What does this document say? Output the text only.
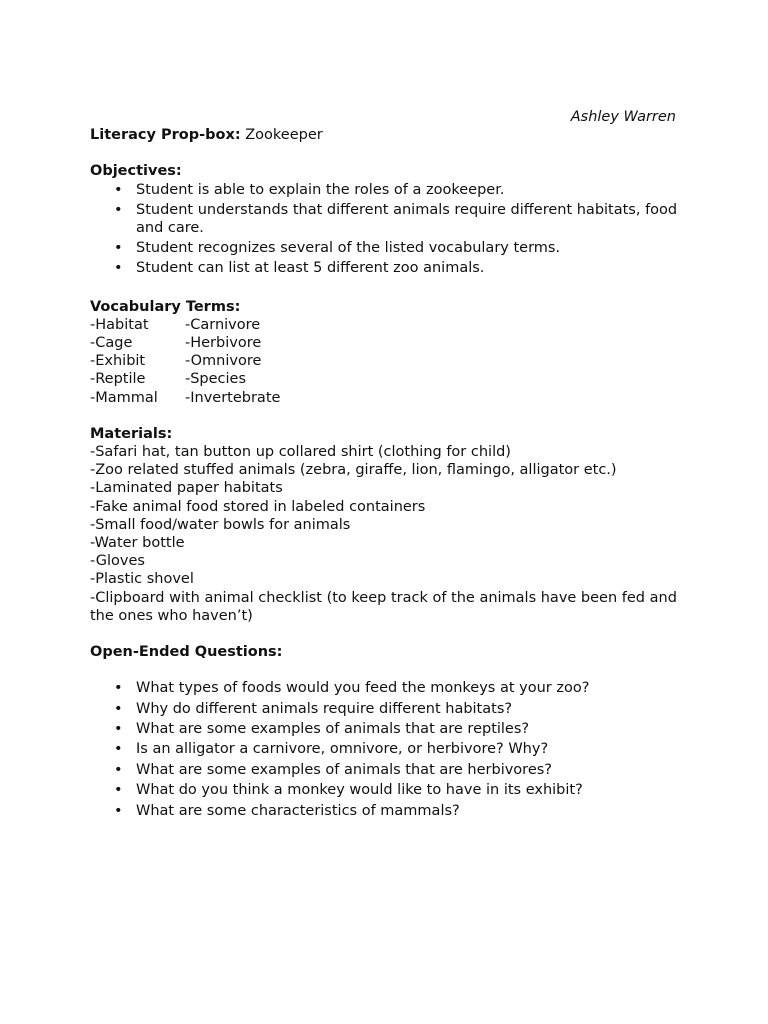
Ashley Warren
Literacy Prop-box: Zookeeper
Objectives:
• Student is able to explain the roles of a zookeeper.
• Student understands that different animals require different habitats, food and care.
• Student recognizes several of the listed vocabulary terms.
• Student can list at least 5 different zoo animals.
Vocabulary Terms:
-Habitat	-Carnivore
-Cage	-Herbivore
-Exhibit	-Omnivore
-Reptile	-Species
-Mammal	-Invertebrate
Materials:
-Safari hat, tan button up collared shirt (clothing for child)
-Zoo related stuffed animals (zebra, giraffe, lion, flamingo, alligator etc.)
-Laminated paper habitats
-Fake animal food stored in labeled containers
-Small food/water bowls for animals
-Water bottle
-Gloves
-Plastic shovel
-Clipboard with animal checklist (to keep track of the animals have been fed and the ones who haven’t)
Open-Ended Questions:
• What types of foods would you feed the monkeys at your zoo?
• Why do different animals require different habitats?
• What are some examples of animals that are reptiles?
• Is an alligator a carnivore, omnivore, or herbivore? Why?
• What are some examples of animals that are herbivores?
• What do you think a monkey would like to have in its exhibit?
• What are some characteristics of mammals?
